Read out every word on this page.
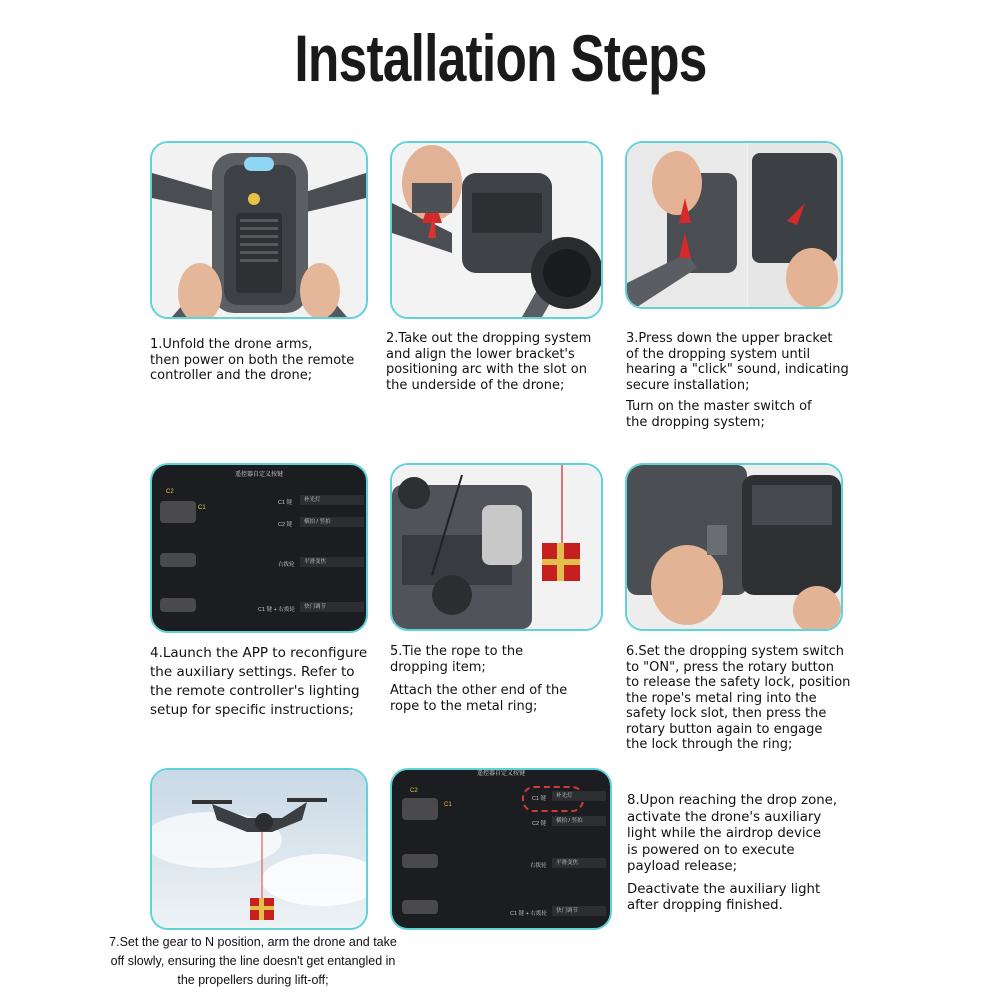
Installation Steps

1.Unfold the drone arms,
then power on both the remote
controller and the drone;

2.Take out the dropping system
and align the lower bracket's
positioning arc with the slot on
the underside of the drone;

3.Press down the upper bracket
of the dropping system until
hearing a "click" sound, indicating
secure installation;

Turn on the master switch of
the dropping system;

遥控器自定义按键
C2
C1
C1 键	补光灯
C2 键	横拍 / 竖拍
右拨轮	平滑变焦
C1 键 + 右拨轮	快门调节

4.Launch the APP to reconfigure
the auxiliary settings. Refer to
the remote controller's lighting
setup for specific instructions;

5.Tie the rope to the
dropping item;

Attach the other end of the
rope to the metal ring;

6.Set the dropping system switch
to "ON", press the rotary button
to release the safety lock, position
the rope's metal ring into the
safety lock slot, then press the
rotary button again to engage
the lock through the ring;

遥控器自定义按键
C2
C1
C1 键	补光灯
C2 键	横拍 / 竖拍
右拨轮	平滑变焦
C1 键 + 右拨轮	快门调节

7.Set the gear to N position, arm the drone and take
off slowly, ensuring the line doesn't get entangled in
the propellers during lift-off;

8.Upon reaching the drop zone,
activate the drone's auxiliary
light while the airdrop device
is powered on to execute
payload release;

Deactivate the auxiliary light
after dropping finished.
